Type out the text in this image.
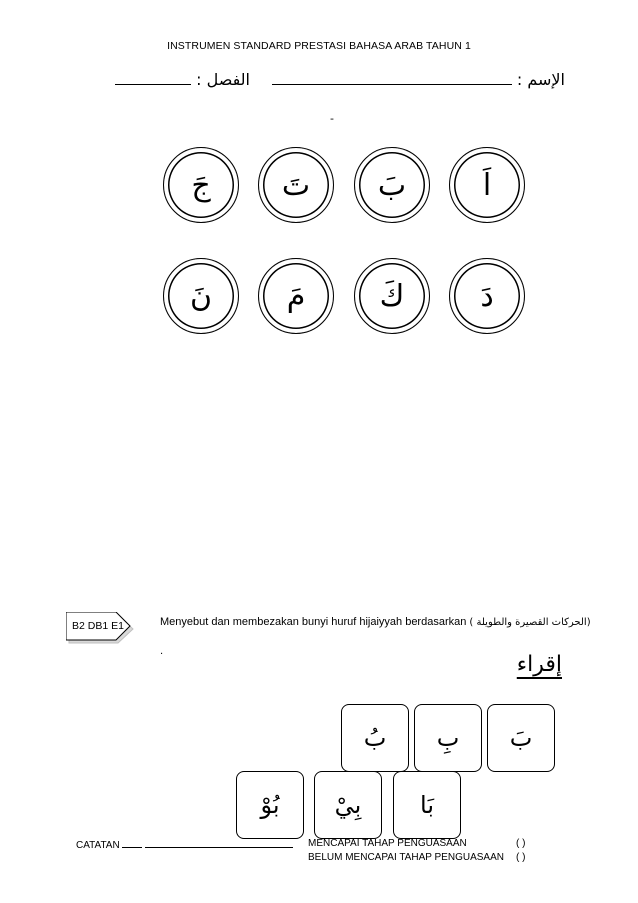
INSTRUMEN STANDARD PRESTASI BAHASA ARAB TAHUN 1
الإسم :
الفصل :
-
اَ
بَ
تَ
جَ
دَ
كَ
مَ
نَ
B2 DB1 E1	Menyebut dan membezakan bunyi huruf hijaiyyah berdasarkan (الحركات القصيرة والطويلة )
.
إقراء
بَ
بِ
بُ
بَا
بِيْ
بُوْ
CATATAN	MENCAPAI TAHAP PENGUASAAN
BELUM MENCAPAI TAHAP PENGUASAAN
( )
( )
